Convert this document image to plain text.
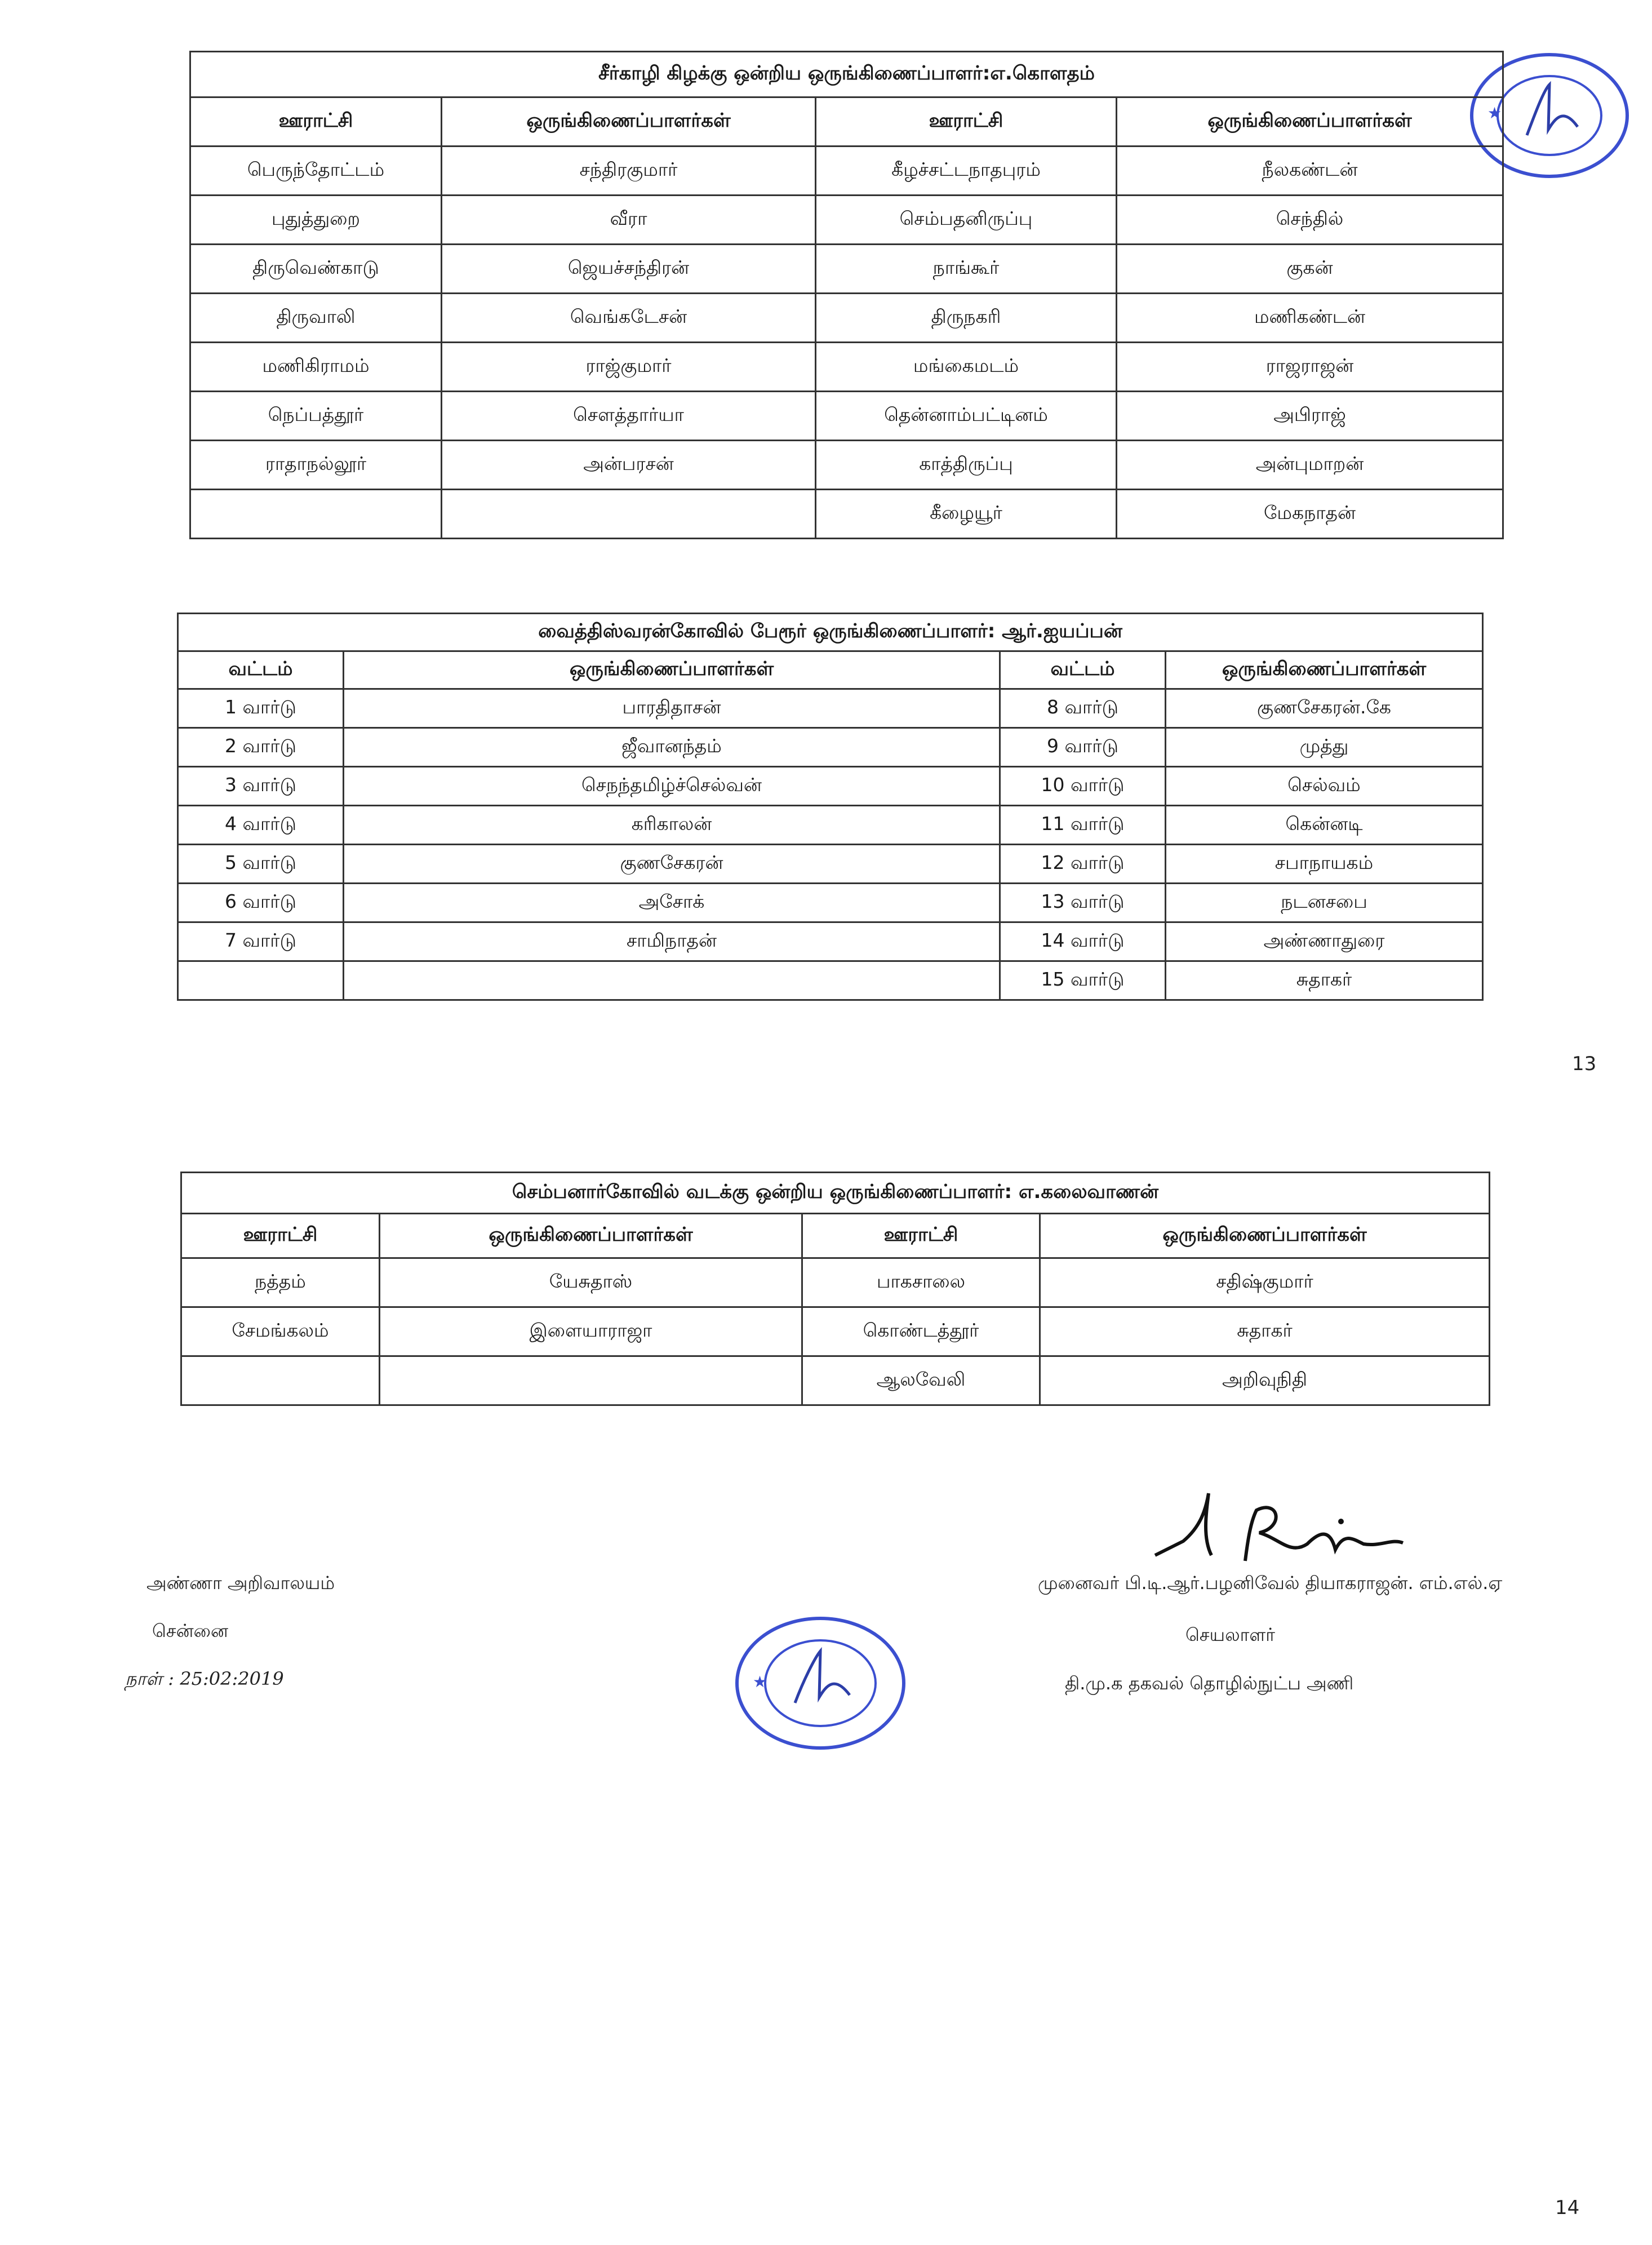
★
சீர்காழி கிழக்கு ஒன்றிய ஒருங்கிணைப்பாளர்:எ.கொளதம்			
ஊராட்சி	ஒருங்கிணைப்பாளர்கள்	ஊராட்சி	ஒருங்கிணைப்பாளர்கள்
பெருந்தோட்டம்	சந்திரகுமார்	கீழச்சட்டநாதபுரம்	நீலகண்டன்
புதுத்துறை	வீரா	செம்பதனிருப்பு	செந்தில்
திருவெண்காடு	ஜெயச்சந்திரன்	நாங்கூர்	குகன்
திருவாலி	வெங்கடேசன்	திருநகரி	மணிகண்டன்
மணிகிராமம்	ராஜ்குமார்	மங்கைமடம்	ராஜராஜன்
நெப்பத்தூர்	சௌத்தார்யா	தென்னாம்பட்டினம்	அபிராஜ்
ராதாநல்லூர்	அன்பரசன்	காத்திருப்பு	அன்புமாறன்
		கீழையூர்	மேகநாதன்
வைத்திஸ்வரன்கோவில் பேரூர் ஒருங்கிணைப்பாளர்: ஆர்.ஐயப்பன்			
வட்டம்	ஒருங்கிணைப்பாளர்கள்	வட்டம்	ஒருங்கிணைப்பாளர்கள்
1 வார்டு	பாரதிதாசன்	8 வார்டு	குணசேகரன்.கே
2 வார்டு	ஜீவானந்தம்	9 வார்டு	முத்து
3 வார்டு	செநந்தமிழ்ச்செல்வன்	10 வார்டு	செல்வம்
4 வார்டு	கரிகாலன்	11 வார்டு	கென்னடி
5 வார்டு	குணசேகரன்	12 வார்டு	சபாநாயகம்
6 வார்டு	அசோக்	13 வார்டு	நடனசபை
7 வார்டு	சாமிநாதன்	14 வார்டு	அண்ணாதுரை
		15 வார்டு	சுதாகர்
13
செம்பனார்கோவில் வடக்கு ஒன்றிய ஒருங்கிணைப்பாளர்: எ.கலைவாணன்			
ஊராட்சி	ஒருங்கிணைப்பாளர்கள்	ஊராட்சி	ஒருங்கிணைப்பாளர்கள்
நத்தம்	யேசுதாஸ்	பாகசாலை	சதிஷ்குமார்
சேமங்கலம்	இளையாராஜா	கொண்டத்தூர்	சுதாகர்
		ஆலவேலி	அறிவுநிதி
அண்ணா அறிவாலயம்
சென்னை
நாள் : 25:02:2019
முனைவர் பி.டி.ஆர்.பழனிவேல் தியாகராஜன். எம்.எல்.ஏ
செயலாளர்
தி.மு.க தகவல் தொழில்நுட்ப அணி
★
14
